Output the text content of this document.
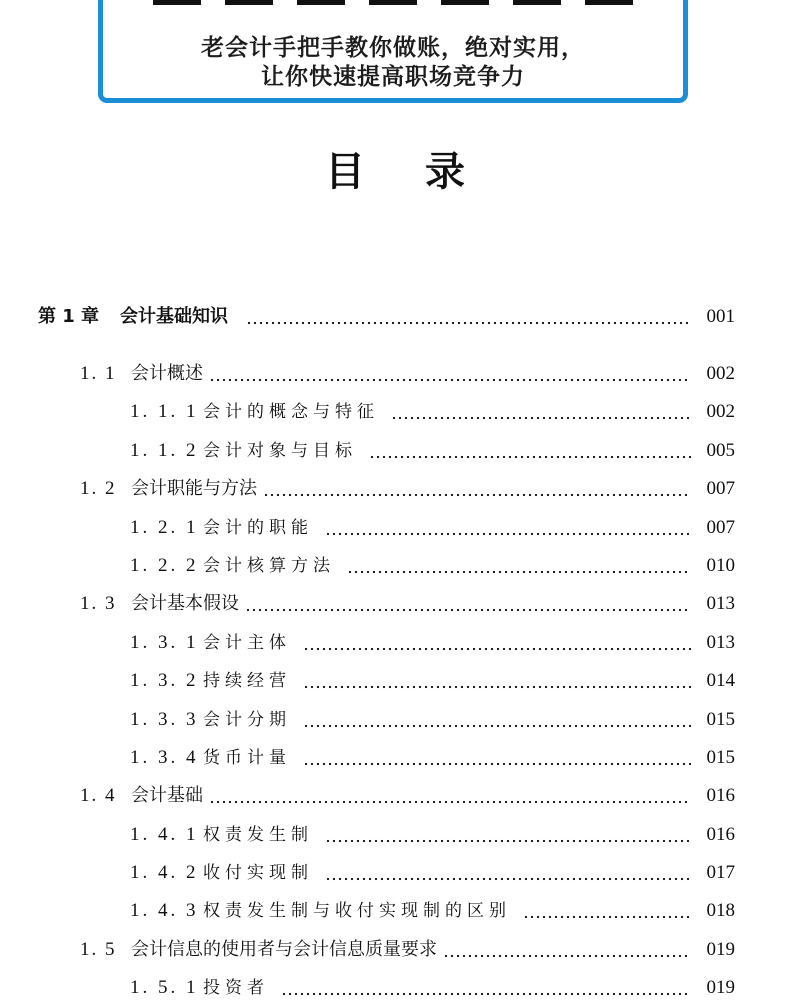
老会计手把手教你做账，绝对实用，
让你快速提高职场竞争力
目录
第 1 章	会计基础知识	001
1. 1 会计概述	002
1. 1. 1 会计的概念与特征	002
1. 1. 2 会计对象与目标	005
1. 2 会计职能与方法	007
1. 2. 1 会计的职能	007
1. 2. 2 会计核算方法	010
1. 3 会计基本假设	013
1. 3. 1 会计主体	013
1. 3. 2 持续经营	014
1. 3. 3 会计分期	015
1. 3. 4 货币计量	015
1. 4 会计基础	016
1. 4. 1 权责发生制	016
1. 4. 2 收付实现制	017
1. 4. 3 权责发生制与收付实现制的区别	018
1. 5 会计信息的使用者与会计信息质量要求	019
1. 5. 1 投资者	019
